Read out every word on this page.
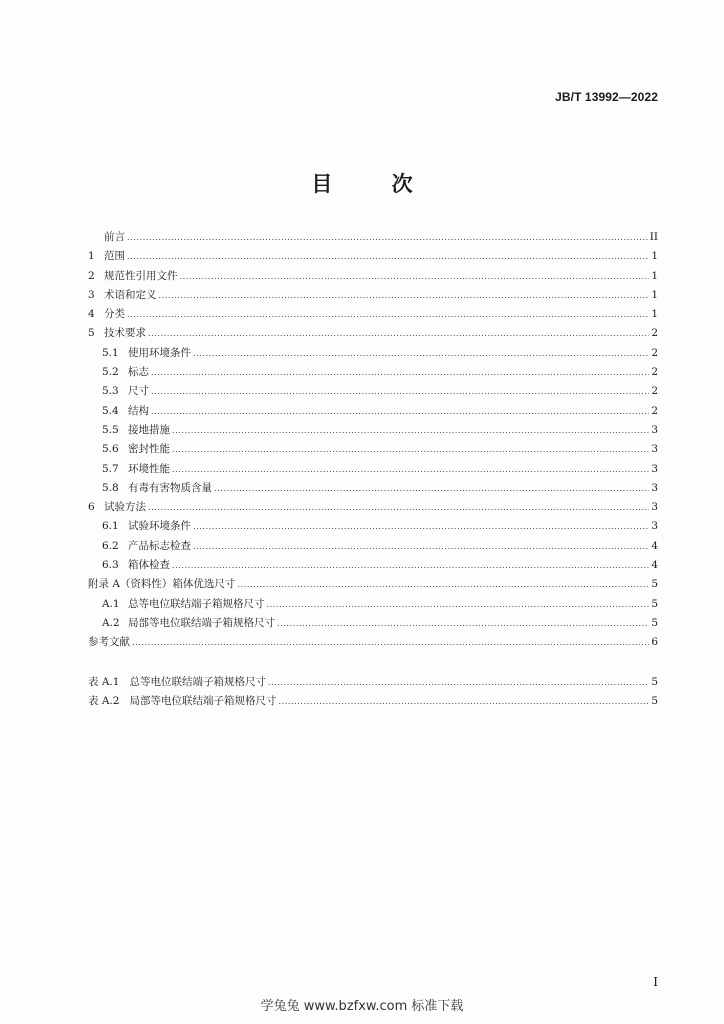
JB/T 13992—2022
目 次
前言 .....	II
1 范围 .....	1
2 规范性引用文件 .....	1
3 术语和定义 .....	1
4 分类 .....	1
5 技术要求 .....	2
5.1 使用环境条件 .....	2
5.2 标志 .....	2
5.3 尺寸 .....	2
5.4 结构 .....	2
5.5 接地措施 .....	3
5.6 密封性能 .....	3
5.7 环境性能 .....	3
5.8 有毒有害物质含量 .....	3
6 试验方法 .....	3
6.1 试验环境条件 .....	3
6.2 产品标志检查 .....	4
6.3 箱体检查 .....	4
附录 A（资料性）箱体优选尺寸 .....	5
A.1 总等电位联结端子箱规格尺寸 .....	5
A.2 局部等电位联结端子箱规格尺寸 .....	5
参考文献 .....	6
表 A.1 总等电位联结端子箱规格尺寸 .....	5
表 A.2 局部等电位联结端子箱规格尺寸 .....	5
I
学兔兔 www.bzfxw.com 标准下载
